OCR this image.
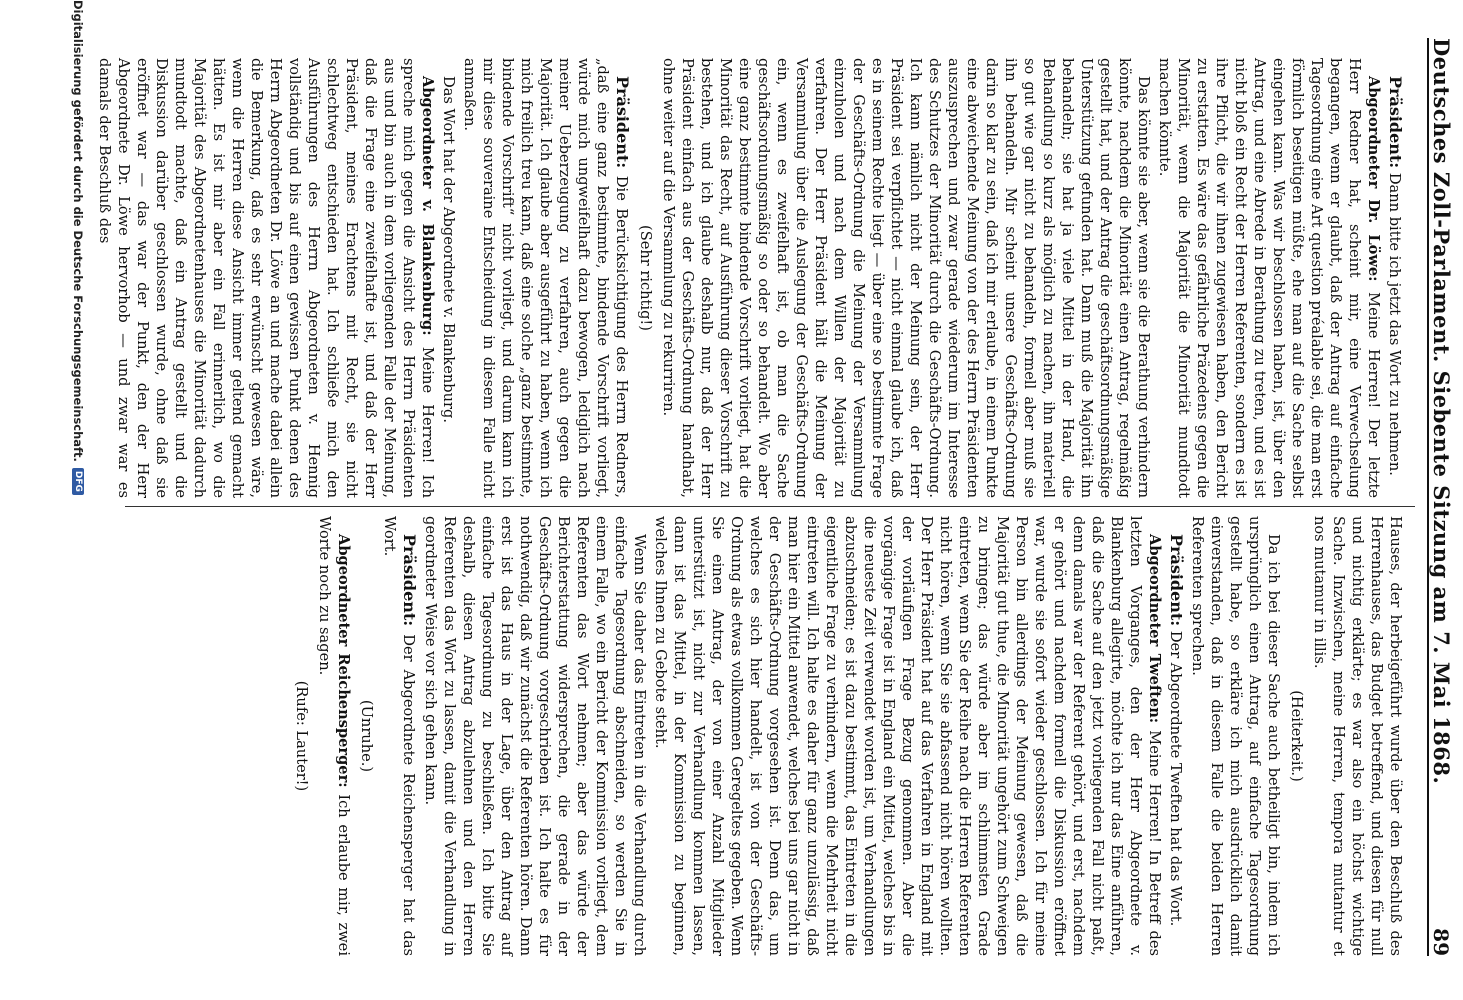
Deutsches Zoll-Parlament. Siebente Sitzung am 7. Mai 1868.
89

Präsident: Dann bitte ich jetzt das Wort zu nehmen.

Abgeordneter Dr. Löwe: Meine Herren! Der letzte Herr Redner hat, scheint mir, eine Verwechselung begangen, wenn er glaubt, daß der Antrag auf einfache Tagesordnung eine Art question préalable sei, die man erst förmlich beseitigen müßte, ehe man auf die Sache selbst eingehen kann. Was wir beschlossen haben, ist, über den Antrag, und eine Abrede in Berathung zu treten, und es ist nicht bloß ein Recht der Herren Referenten, sondern es ist ihre Pflicht, die wir ihnen zugewiesen haben, den Bericht zu erstatten. Es wäre das gefährliche Präzedens gegen die Minorität, wenn die Majorität die Minorität mundtodt machen könnte.

Das könnte sie aber, wenn sie die Berathung verhindern könnte, nachdem die Minorität einen Antrag, regelmäßig gestellt hat, und der Antrag die geschäftsordnungsmäßige Unterstützung gefunden hat. Dann muß die Majorität ihn behandeln; sie hat ja viele Mittel in der Hand, die Behandlung so kurz als möglich zu machen, ihn materiell so gut wie gar nicht zu behandeln, formell aber muß sie ihn behandeln. Mir scheint unsere Geschäfts-Ordnung darin so klar zu sein, daß ich mir erlaube, in einem Punkte eine abweichende Meinung von der des Herrn Präsidenten auszusprechen und zwar gerade wiederum im Interesse des Schutzes der Minorität durch die Geschäfts-Ordnung. Ich kann nämlich nicht der Meinung sein, der Herr Präsident sei verpflichtet — nicht einmal glaube ich, daß es in seinem Rechte liegt — über eine so bestimmte Frage der Geschäfts-Ordnung die Meinung der Versammlung einzuholen und nach dem Willen der Majorität zu verfahren. Der Herr Präsident hält die Meinung der Versammlung über die Auslegung der Geschäfts-Ordnung ein, wenn es zweifelhaft ist, ob man die Sache geschäftsordnungsmäßig so oder so behandelt. Wo aber eine ganz bestimmte bindende Vorschrift vorliegt, hat die Minorität das Recht, auf Ausführung dieser Vorschrift zu bestehen, und ich glaube deshalb nur, daß der Herr Präsident einfach aus der Geschäfts-Ordnung handhabt, ohne weiter auf die Versammlung zu rekurriren.

(Sehr richtig!)

Präsident: Die Berücksichtigung des Herrn Redners, „daß eine ganz bestimmte, bindende Vorschrift vorliegt, würde mich ungweifelhaft dazu bewogen, lediglich nach meiner Ueberzeugung zu verfahren, auch gegen die Majorität. Ich glaube aber ausgeführt zu haben, wenn ich mich freilich treu kann, daß eine solche „ganz bestimmte, bindende Vorschrift“ nicht vorliegt, und darum kann ich mir diese souveraine Entscheidung in diesem Falle nicht anmaßen.

Das Wort hat der Abgeordnete v. Blankenburg.

Abgeordneter v. Blankenburg: Meine Herren! Ich spreche mich gegen die Ansicht des Herrn Präsidenten aus und bin auch in dem vorliegenden Falle der Meinung, daß die Frage eine zweifelhafte ist, und daß der Herr Präsident, meines Erachtens mit Recht, sie nicht schlechtweg entschieden hat. Ich schließe mich den Ausführungen des Herrn Abgeordneten v. Hennig vollständig und bis auf einen gewissen Punkt denen des Herrn Abgeordneten Dr. Löwe an und mache dabei allein die Bemerkung, daß es sehr erwünscht gewesen wäre, wenn die Herren diese Ansicht immer geltend gemacht hätten. Es ist mir aber ein Fall erinnerlich, wo die Majorität des Abgeordnetenhauses die Minorität dadurch mundtodt machte, daß ein Antrag gestellt und die Diskussion darüber geschlossen wurde, ohne daß sie eröffnet war — das war der Punkt, den der Herr Abgeordnete Dr. Löwe hervorhob — und zwar war es damals der Beschluß des

Hauses, der herbeigeführt wurde über den Beschluß des Herrenhauses, das Budget betreffend, und diesen für null und nichtig erklärte; es war also ein höchst wichtige Sache. Inzwischen, meine Herren, tempora mutantur et nos mutamur in illis.

(Heiterkeit.)

Da ich bei dieser Sache auch betheiligt bin, indem ich ursprünglich einen Antrag, auf einfache Tagesordnung gestellt habe, so erkläre ich mich ausdrücklich damit einverstanden, daß in diesem Falle die beiden Herren Referenten sprechen.

Präsident: Der Abgeordnete Tweften hat das Wort.

Abgeordneter Tweften: Meine Herren! In Betreff des letzten Vorganges, den der Herr Abgeordnete v. Blankenburg allegirte, möchte ich nur das Eine anführen, daß die Sache auf den jetzt vorliegenden Fall nicht paßt, denn damals war der Referent gehört, und erst, nachdem er gehört und nachdem formell die Diskussion eröffnet war, wurde sie sofort wieder geschlossen. Ich für meine Person bin allerdings der Meinung gewesen, daß die Majorität gut thue, die Minorität ungehört zum Schweigen zu bringen; das würde aber im schlimmsten Grade eintreten, wenn Sie der Reihe nach die Herren Referenten nicht hören, wenn Sie sie abfassend nicht hören wollten. Der Herr Präsident hat auf das Verfahren in England mit der vorläufigen Frage Bezug genommen. Aber die vorgängige Frage ist in England ein Mittel, welches bis in die neueste Zeit verwendet worden ist, um Verhandlungen abzuschneiden; es ist dazu bestimmt, das Eintreten in die eigentliche Frage zu verhindern, wenn die Mehrheit nicht eintreten will. Ich halte es daher für ganz unzulässig, daß man hier ein Mittel anwendet, welches bei uns gar nicht in der Geschäfts-Ordnung vorgesehen ist. Denn das, um welches es sich hier handelt, ist von der Geschäfts-Ordnung als etwas vollkommen Geregeltes gegeben. Wenn Sie einen Antrag, der von einer Anzahl Mitglieder unterstützt ist, nicht zur Verhandlung kommen lassen, dann ist das Mittel, in der Kommission zu beginnen, welches Ihnen zu Gebote steht.

Wenn Sie daher das Eintreten in die Verhandlung durch einfache Tagesordnung abschneiden, so werden Sie in einem Falle, wo ein Bericht der Kommission vorliegt, dem Referenten das Wort nehmen; aber das würde der Berichterstattung widersprechen, die gerade in der Geschäfts-Ordnung vorgeschrieben ist. Ich halte es für nothwendig, daß wir zunächst die Referenten hören. Dann erst ist das Haus in der Lage, über den Antrag auf einfache Tagesordnung zu beschließen. Ich bitte Sie deshalb, diesen Antrag abzulehnen und den Herren Referenten das Wort zu lassen, damit die Verhandlung in geordneter Weise vor sich gehen kann.

Präsident: Der Abgeordnete Reichensperger hat das Wort.

(Unruhe.)

Abgeordneter Reichensperger: Ich erlaube mir, zwei Worte noch zu sagen.

(Rufe: Lauter!)

Digitalisierung gefördert durch die Deutsche Forschungsgemeinschaft.
DFG
